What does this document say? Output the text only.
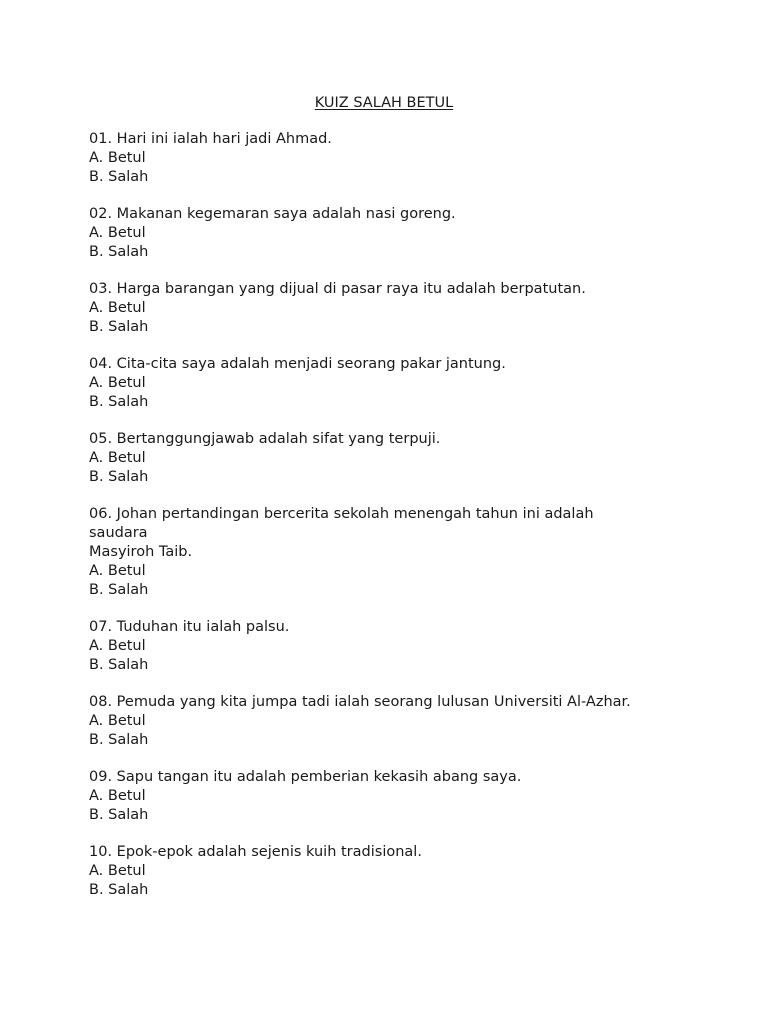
KUIZ SALAH BETUL
01. Hari ini ialah hari jadi Ahmad.
A. Betul
B. Salah
02. Makanan kegemaran saya adalah nasi goreng.
A. Betul
B. Salah
03. Harga barangan yang dijual di pasar raya itu adalah berpatutan.
A. Betul
B. Salah
04. Cita-cita saya adalah menjadi seorang pakar jantung.
A. Betul
B. Salah
05. Bertanggungjawab adalah sifat yang terpuji.
A. Betul
B. Salah
06. Johan pertandingan bercerita sekolah menengah tahun ini adalah
saudara
Masyiroh Taib.
A. Betul
B. Salah
07. Tuduhan itu ialah palsu.
A. Betul
B. Salah
08. Pemuda yang kita jumpa tadi ialah seorang lulusan Universiti Al-Azhar.
A. Betul
B. Salah
09. Sapu tangan itu adalah pemberian kekasih abang saya.
A. Betul
B. Salah
10. Epok-epok adalah sejenis kuih tradisional.
A. Betul
B. Salah
